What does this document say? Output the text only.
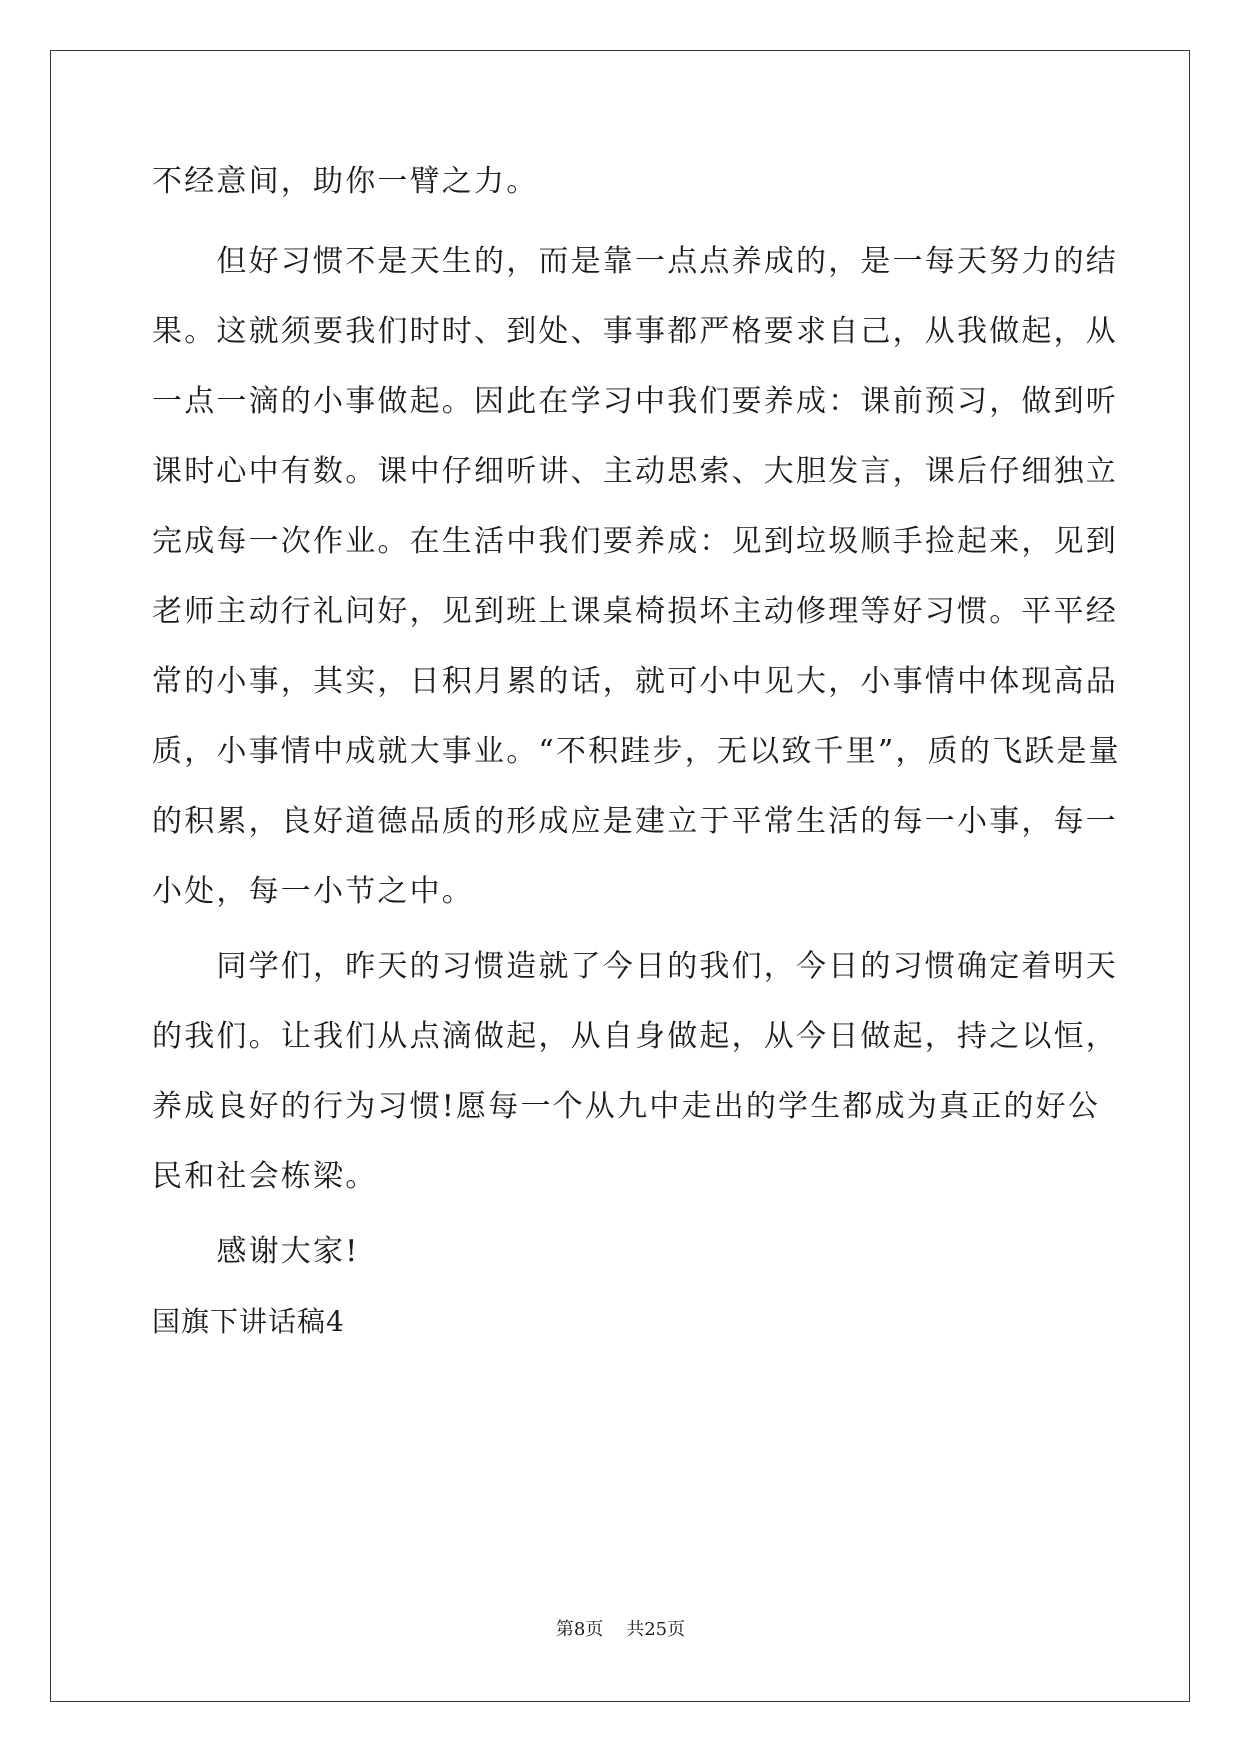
不经意间，助你一臂之力。
　　但好习惯不是天生的，而是靠一点点养成的，是一每天努力的结
果。这就须要我们时时、到处、事事都严格要求自己，从我做起，从
一点一滴的小事做起。因此在学习中我们要养成：课前预习，做到听
课时心中有数。课中仔细听讲、主动思索、大胆发言，课后仔细独立
完成每一次作业。在生活中我们要养成：见到垃圾顺手捡起来，见到
老师主动行礼问好，见到班上课桌椅损坏主动修理等好习惯。平平经
常的小事，其实，日积月累的话，就可小中见大，小事情中体现高品
质，小事情中成就大事业。“不积跬步，无以致千里”，质的飞跃是量
的积累，良好道德品质的形成应是建立于平常生活的每一小事，每一
小处，每一小节之中。
　　同学们，昨天的习惯造就了今日的我们，今日的习惯确定着明天
的我们。让我们从点滴做起，从自身做起，从今日做起，持之以恒，
养成良好的行为习惯!愿每一个从九中走出的学生都成为真正的好公
民和社会栋梁。
　　感谢大家!
国旗下讲话稿4
第8页 共25页
